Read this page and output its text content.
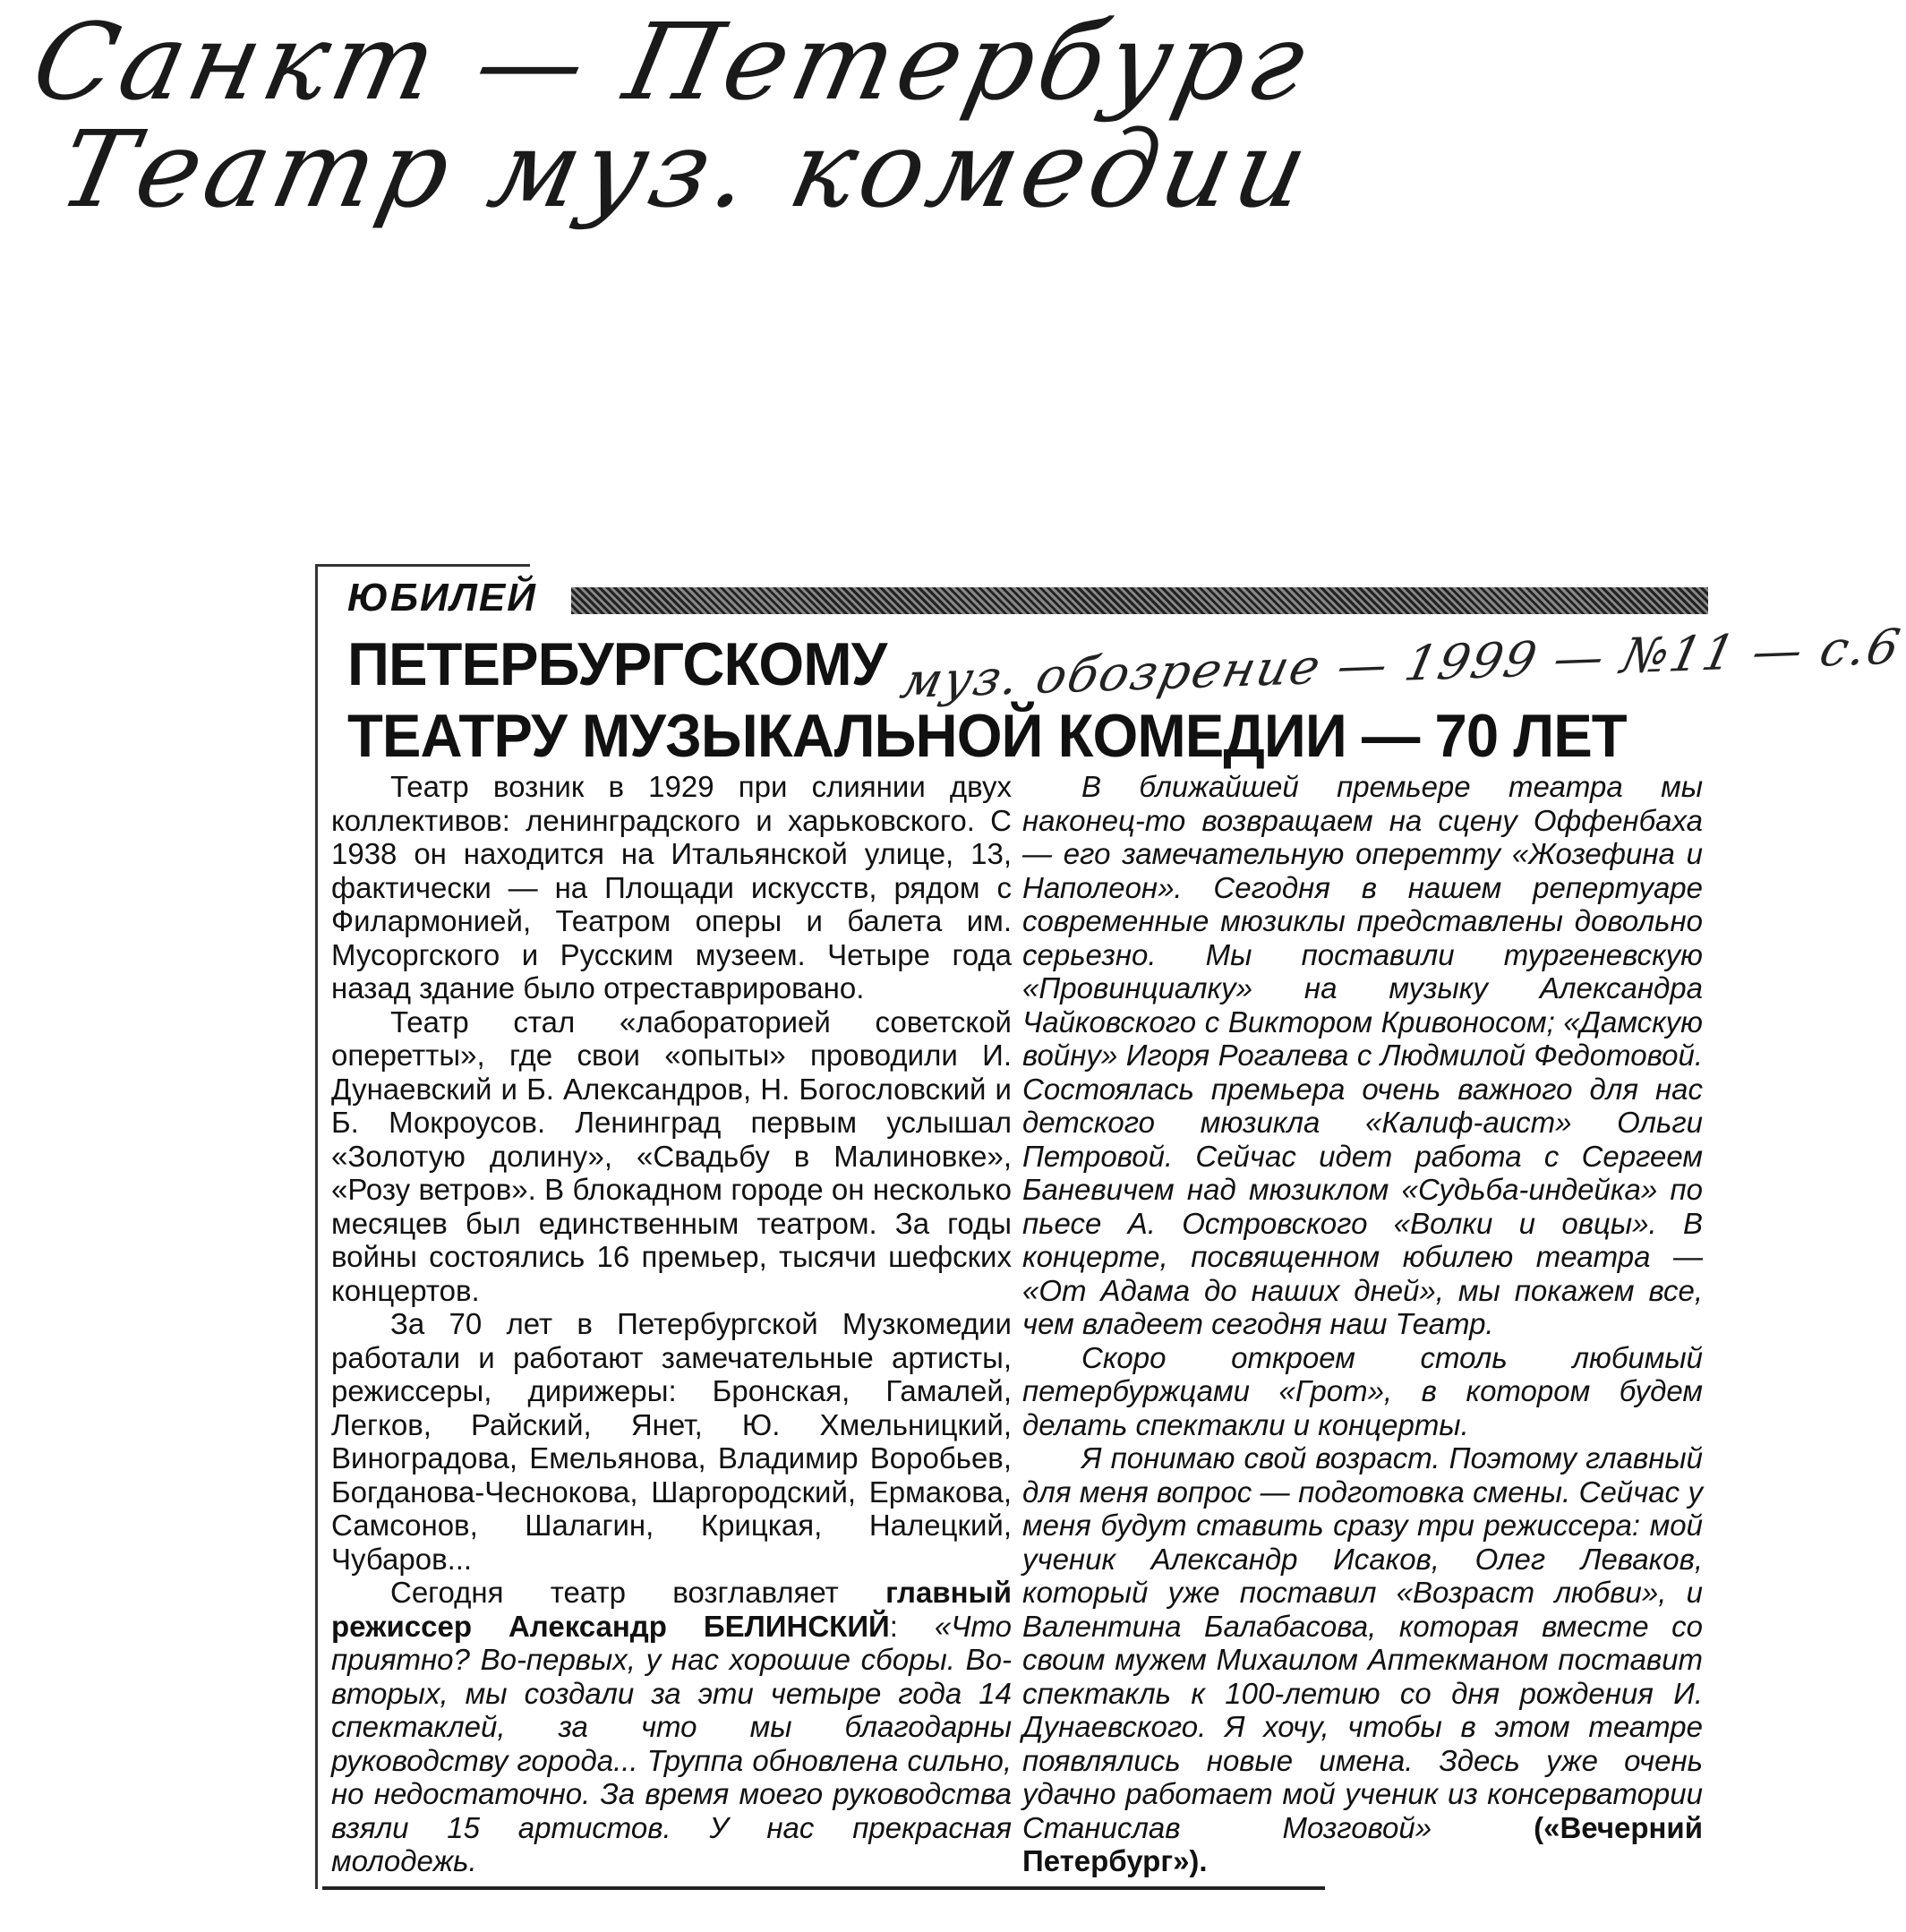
Санкт — Петербург
Театр муз. комедии
ЮБИЛЕЙ
ПЕТЕРБУРГСКОМУ
ТЕАТРУ МУЗЫКАЛЬНОЙ КОМЕДИИ — 70 ЛЕТ
муз. обозрение — 1999 — №11 — с.6

Театр возник в 1929 при слиянии двух коллективов: ленинградского и харьковского. С 1938 он находится на Итальянской улице, 13, фактически — на Площади искусств, рядом с Филармонией, Театром оперы и балета им. Мусоргского и Русским музеем. Четыре года назад здание было отреставрировано.

Театр стал «лабораторией советской оперетты», где свои «опыты» проводили И. Дунаевский и Б. Александров, Н. Богословский и Б. Мокроусов. Ленинград первым услышал «Золотую долину», «Свадьбу в Малиновке», «Розу ветров». В блокадном городе он несколько месяцев был единственным театром. За годы войны состоялись 16 премьер, тысячи шефских концертов.

За 70 лет в Петербургской Музкомедии работали и работают замечательные артисты, режиссеры, дирижеры: Бронская, Гамалей, Легков, Райский, Янет, Ю. Хмельницкий, Виноградова, Емельянова, Владимир Воробьев, Богданова-Чеснокова, Шаргородский, Ермакова, Самсонов, Шалагин, Крицкая, Налецкий, Чубаров...

Сегодня театр возглавляет главный режиссер Александр БЕЛИНСКИЙ: «Что приятно? Во-первых, у нас хорошие сборы. Во-вторых, мы создали за эти четыре года 14 спектаклей, за что мы благодарны руководству города... Труппа обновлена сильно, но недостаточно. За время моего руководства взяли 15 артистов. У нас прекрасная молодежь.

В ближайшей премьере театра мы наконец-то возвращаем на сцену Оффенбаха — его замечательную оперетту «Жозефина и Наполеон». Сегодня в нашем репертуаре современные мюзиклы представлены довольно серьезно. Мы поставили тургеневскую «Провинциалку» на музыку Александра Чайковского с Виктором Кривоносом; «Дамскую войну» Игоря Рогалева с Людмилой Федотовой. Состоялась премьера очень важного для нас детского мюзикла «Калиф-аист» Ольги Петровой. Сейчас идет работа с Сергеем Баневичем над мюзиклом «Судьба-индейка» по пьесе А. Островского «Волки и овцы». В концерте, посвященном юбилею театра — «От Адама до наших дней», мы покажем все, чем владеет сегодня наш Театр.

Скоро откроем столь любимый петербуржцами «Грот», в котором будем делать спектакли и концерты.

Я понимаю свой возраст. Поэтому главный для меня вопрос — подготовка смены. Сейчас у меня будут ставить сразу три режиссера: мой ученик Александр Исаков, Олег Леваков, который уже поставил «Возраст любви», и Валентина Балабасова, которая вместе со своим мужем Михаилом Аптекманом поставит спектакль к 100-летию со дня рождения И. Дунаевского. Я хочу, чтобы в этом театре появлялись новые имена. Здесь уже очень удачно работает мой ученик из консерватории Станислав Мозговой»	(«Вечерний Петербург»).
